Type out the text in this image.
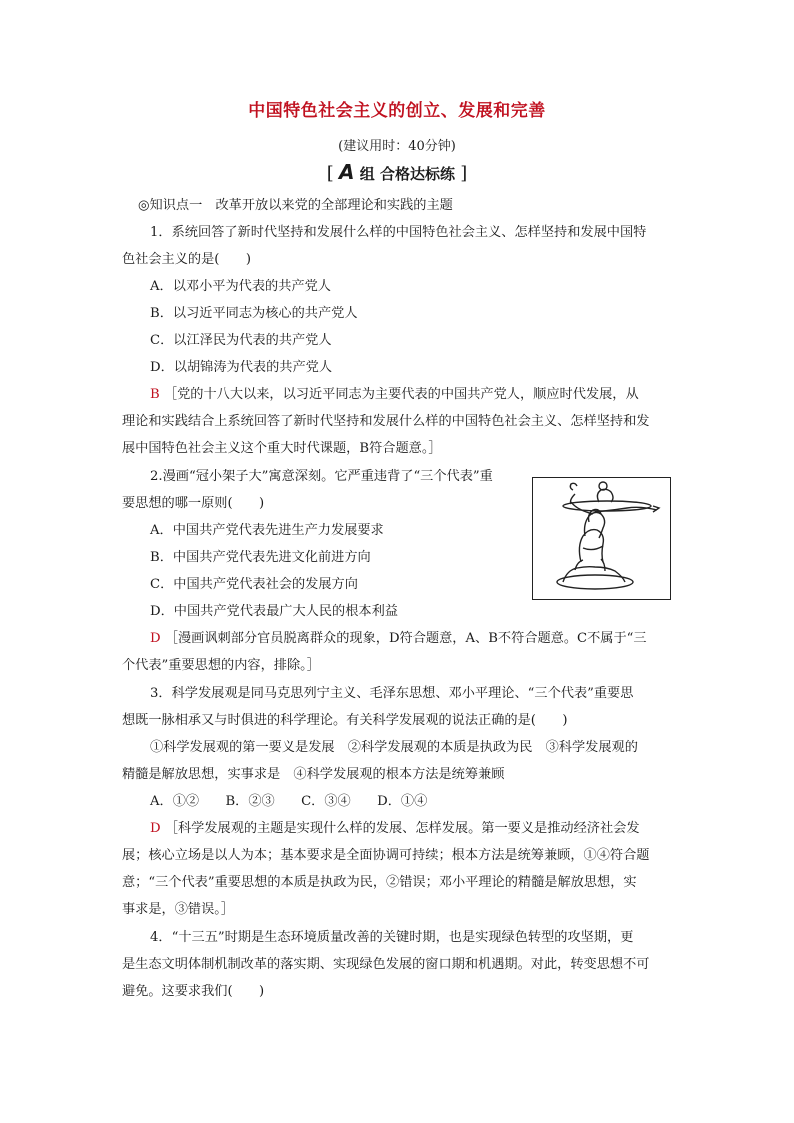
中国特色社会主义的创立、发展和完善
(建议用时：40分钟)
[ A 组 合格达标练 ]
◎知识点一　改革开放以来党的全部理论和实践的主题
1．系统回答了新时代坚持和发展什么样的中国特色社会主义、怎样坚持和发展中国特
色社会主义的是(　　)
A．以邓小平为代表的共产党人
B．以习近平同志为核心的共产党人
C．以江泽民为代表的共产党人
D．以胡锦涛为代表的共产党人
B ［党的十八大以来，以习近平同志为主要代表的中国共产党人，顺应时代发展，从
理论和实践结合上系统回答了新时代坚持和发展什么样的中国特色社会主义、怎样坚持和发
展中国特色社会主义这个重大时代课题，B符合题意。］
2.漫画“冠小架子大”寓意深刻。它严重违背了“三个代表”重
要思想的哪一原则(　　)
A．中国共产党代表先进生产力发展要求
B．中国共产党代表先进文化前进方向
C．中国共产党代表社会的发展方向
D．中国共产党代表最广大人民的根本利益
D ［漫画讽刺部分官员脱离群众的现象，D符合题意，A、B不符合题意。C不属于“三
个代表”重要思想的内容，排除。］
3．科学发展观是同马克思列宁主义、毛泽东思想、邓小平理论、“三个代表”重要思
想既一脉相承又与时俱进的科学理论。有关科学发展观的说法正确的是(　　)
①科学发展观的第一要义是发展　②科学发展观的本质是执政为民　③科学发展观的
精髓是解放思想，实事求是　④科学发展观的根本方法是统筹兼顾
A．①②　　B．②③　　C．③④　　D．①④
D ［科学发展观的主题是实现什么样的发展、怎样发展。第一要义是推动经济社会发
展；核心立场是以人为本；基本要求是全面协调可持续；根本方法是统筹兼顾，①④符合题
意；“三个代表”重要思想的本质是执政为民，②错误；邓小平理论的精髓是解放思想，实
事求是，③错误。］
4．“十三五”时期是生态环境质量改善的关键时期，也是实现绿色转型的攻坚期，更
是生态文明体制机制改革的落实期、实现绿色发展的窗口期和机遇期。对此，转变思想不可
避免。这要求我们(　　)
